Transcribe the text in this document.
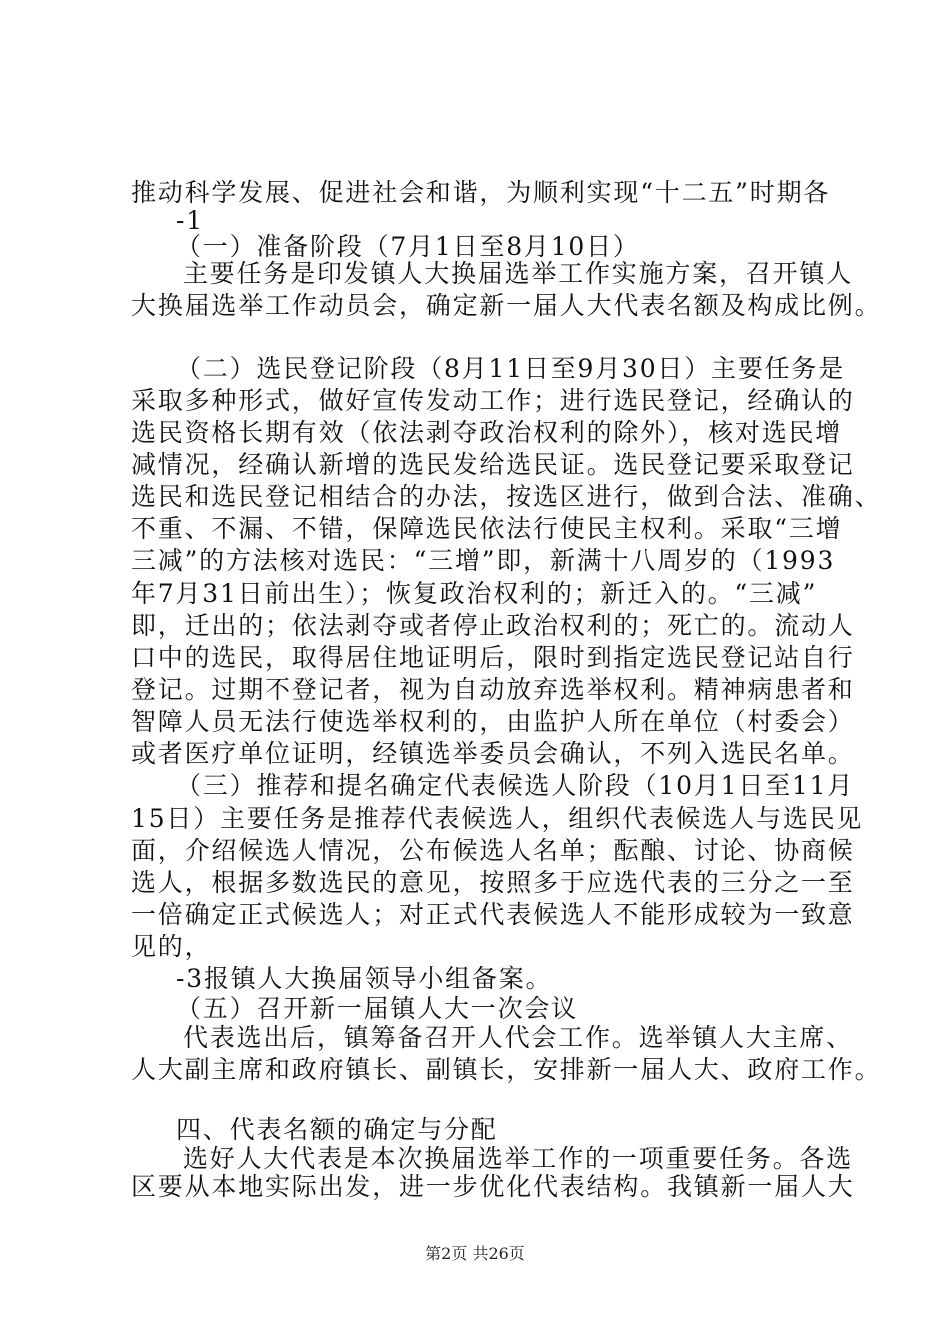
推动科学发展、促进社会和谐，为顺利实现“十二五”时期各
-1
（一）准备阶段（7月1日至8月10日）
主要任务是印发镇人大换届选举工作实施方案，召开镇人
大换届选举工作动员会，确定新一届人大代表名额及构成比例。
（二）选民登记阶段（8月11日至9月30日）主要任务是
采取多种形式，做好宣传发动工作；进行选民登记，经确认的
选民资格长期有效（依法剥夺政治权利的除外），核对选民增
减情况，经确认新增的选民发给选民证。选民登记要采取登记
选民和选民登记相结合的办法，按选区进行，做到合法、准确、
不重、不漏、不错，保障选民依法行使民主权利。采取“三增
三减”的方法核对选民：“三增”即，新满十八周岁的（1993
年7月31日前出生）；恢复政治权利的；新迁入的。“三减”
即，迁出的；依法剥夺或者停止政治权利的；死亡的。流动人
口中的选民，取得居住地证明后，限时到指定选民登记站自行
登记。过期不登记者，视为自动放弃选举权利。精神病患者和
智障人员无法行使选举权利的，由监护人所在单位（村委会）
或者医疗单位证明，经镇选举委员会确认，不列入选民名单。
（三）推荐和提名确定代表候选人阶段（10月1日至11月
15日）主要任务是推荐代表候选人，组织代表候选人与选民见
面，介绍候选人情况，公布候选人名单；酝酿、讨论、协商候
选人，根据多数选民的意见，按照多于应选代表的三分之一至
一倍确定正式候选人；对正式代表候选人不能形成较为一致意
见的，
-3报镇人大换届领导小组备案。
（五）召开新一届镇人大一次会议
代表选出后，镇筹备召开人代会工作。选举镇人大主席、
人大副主席和政府镇长、副镇长，安排新一届人大、政府工作。
四、代表名额的确定与分配
选好人大代表是本次换届选举工作的一项重要任务。各选
区要从本地实际出发，进一步优化代表结构。我镇新一届人大
第2页 共26页
